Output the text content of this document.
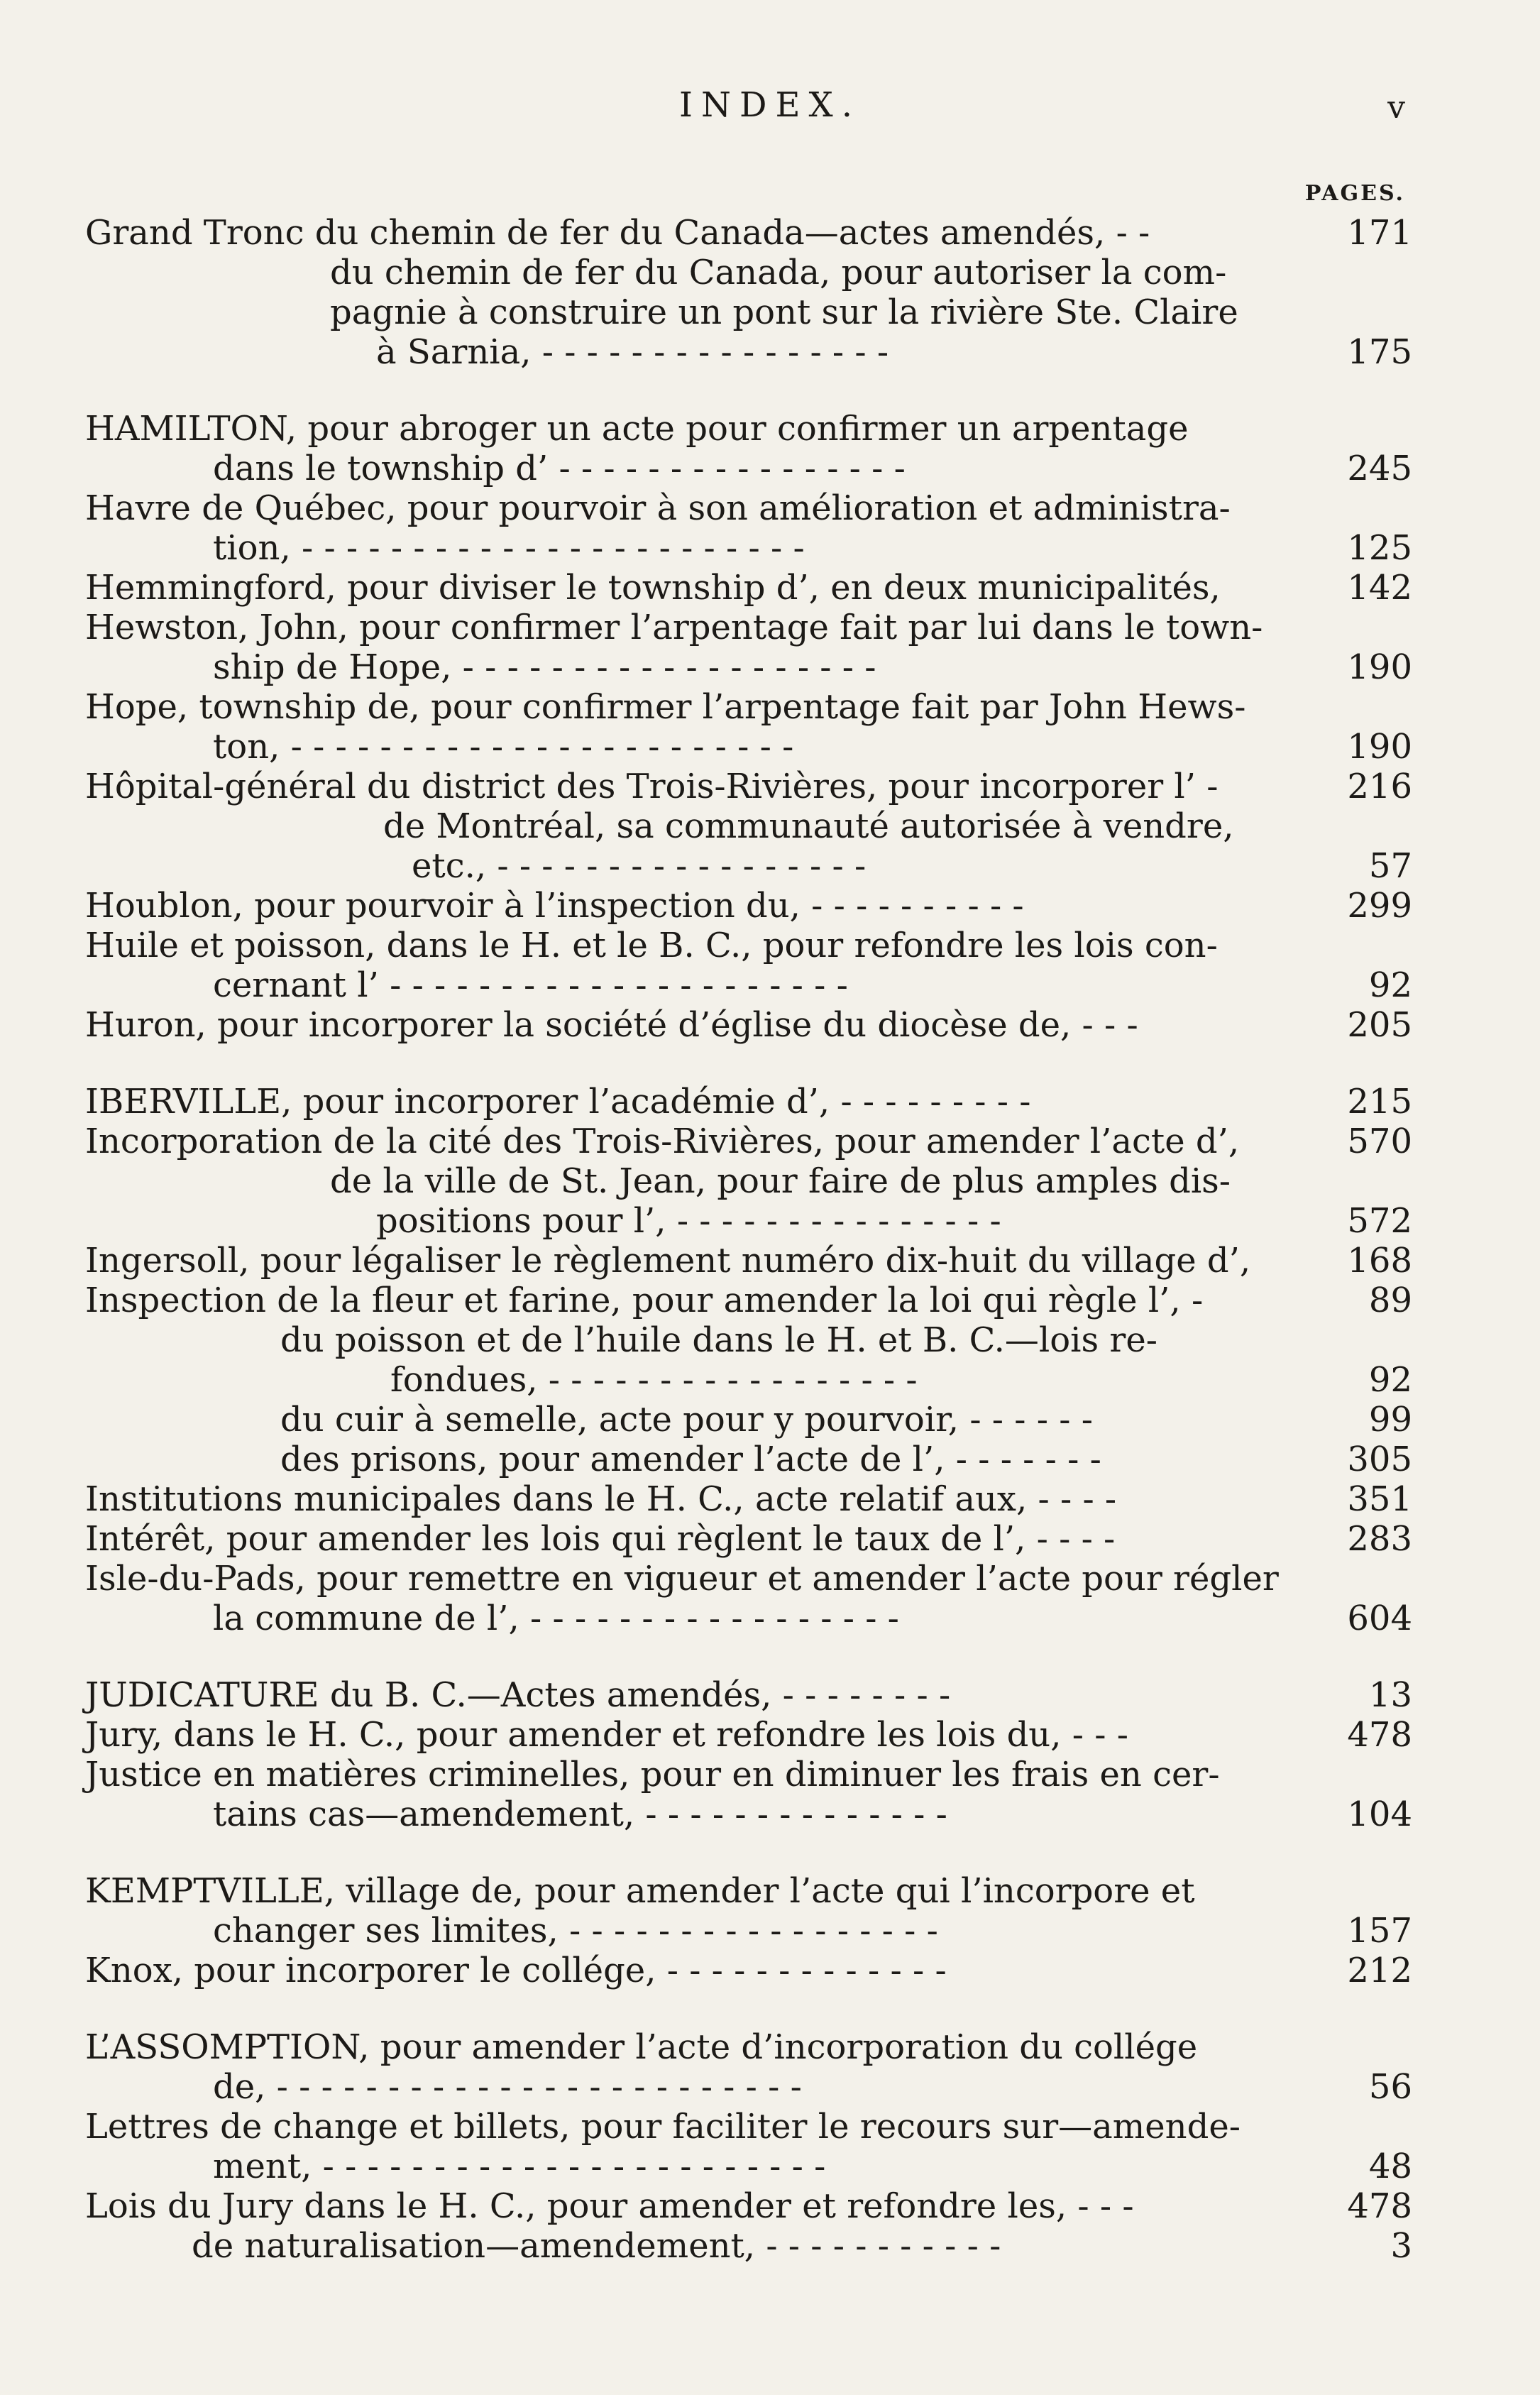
INDEX.	v
PAGES.
Grand Tronc du chemin de fer du Canada—actes amendés, - -	171
du chemin de fer du Canada, pour autoriser la com-
pagnie à construire un pont sur la rivière Ste. Claire
à Sarnia, - - - - - - - - - - - - - - - -	175
HAMILTON, pour abroger un acte pour confirmer un arpentage
dans le township d’ - - - - - - - - - - - - - - - -	245
Havre de Québec, pour pourvoir à son amélioration et administra-
tion, - - - - - - - - - - - - - - - - - - - - - - -	125
Hemmingford, pour diviser le township d’, en deux municipalités,	142
Hewston, John, pour confirmer l’arpentage fait par lui dans le town-
ship de Hope, - - - - - - - - - - - - - - - - - - -	190
Hope, township de, pour confirmer l’arpentage fait par John Hews-
ton, - - - - - - - - - - - - - - - - - - - - - - -	190
Hôpital-général du district des Trois-Rivières, pour incorporer l’ -	216
de Montréal, sa communauté autorisée à vendre,
etc., - - - - - - - - - - - - - - - - -	57
Houblon, pour pourvoir à l’inspection du, - - - - - - - - - -	299
Huile et poisson, dans le H. et le B. C., pour refondre les lois con-
cernant l’ - - - - - - - - - - - - - - - - - - - - -	92
Huron, pour incorporer la société d’église du diocèse de, - - -	205
IBERVILLE, pour incorporer l’académie d’, - - - - - - - - -	215
Incorporation de la cité des Trois-Rivières, pour amender l’acte d’,	570
de la ville de St. Jean, pour faire de plus amples dis-
positions pour l’, - - - - - - - - - - - - - - -	572
Ingersoll, pour légaliser le règlement numéro dix-huit du village d’,	168
Inspection de la fleur et farine, pour amender la loi qui règle l’, -	89
du poisson et de l’huile dans le H. et B. C.—lois re-
fondues, - - - - - - - - - - - - - - - - -	92
du cuir à semelle, acte pour y pourvoir, - - - - - -	99
des prisons, pour amender l’acte de l’, - - - - - - -	305
Institutions municipales dans le H. C., acte relatif aux, - - - -	351
Intérêt, pour amender les lois qui règlent le taux de l’, - - - -	283
Isle-du-Pads, pour remettre en vigueur et amender l’acte pour régler
la commune de l’, - - - - - - - - - - - - - - - - -	604
JUDICATURE du B. C.—Actes amendés, - - - - - - - -	13
Jury, dans le H. C., pour amender et refondre les lois du, - - -	478
Justice en matières criminelles, pour en diminuer les frais en cer-
tains cas—amendement, - - - - - - - - - - - - - -	104
KEMPTVILLE, village de, pour amender l’acte qui l’incorpore et
changer ses limites, - - - - - - - - - - - - - - - - -	157
Knox, pour incorporer le collége, - - - - - - - - - - - - -	212
L’ASSOMPTION, pour amender l’acte d’incorporation du collége
de, - - - - - - - - - - - - - - - - - - - - - - - -	56
Lettres de change et billets, pour faciliter le recours sur—amende-
ment, - - - - - - - - - - - - - - - - - - - - - - -	48
Lois du Jury dans le H. C., pour amender et refondre les, - - -	478
de naturalisation—amendement, - - - - - - - - - - -	3
